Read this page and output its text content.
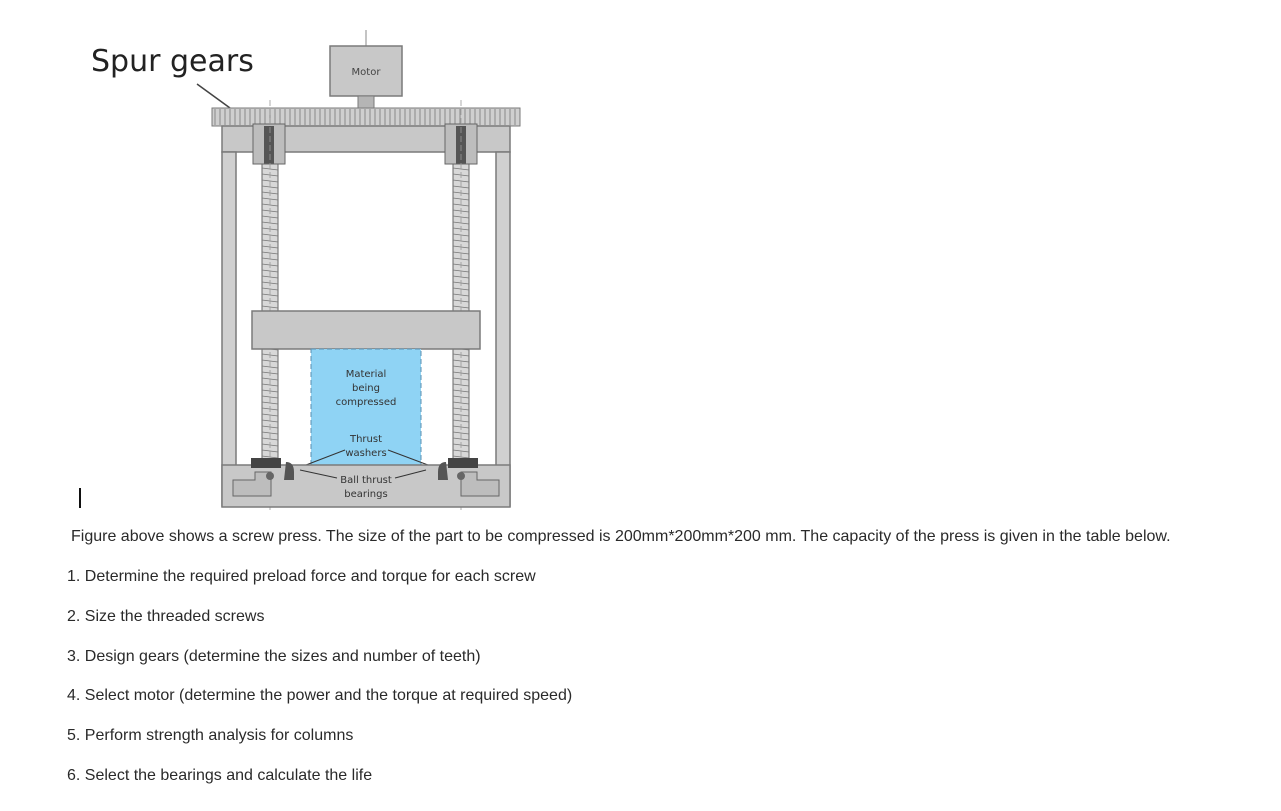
Spur gears	Motor
Material
being
compressed
Thrust
washers
Ball thrust
bearings
Figure above shows a screw press. The size of the part to be compressed is 200mm*200mm*200 mm. The capacity of the press is given in the table below.
1. Determine the required preload force and torque for each screw
2. Size the threaded screws
3. Design gears (determine the sizes and number of teeth)
4. Select motor (determine the power and the torque at required speed)
5. Perform strength analysis for columns
6. Select the bearings and calculate the life
